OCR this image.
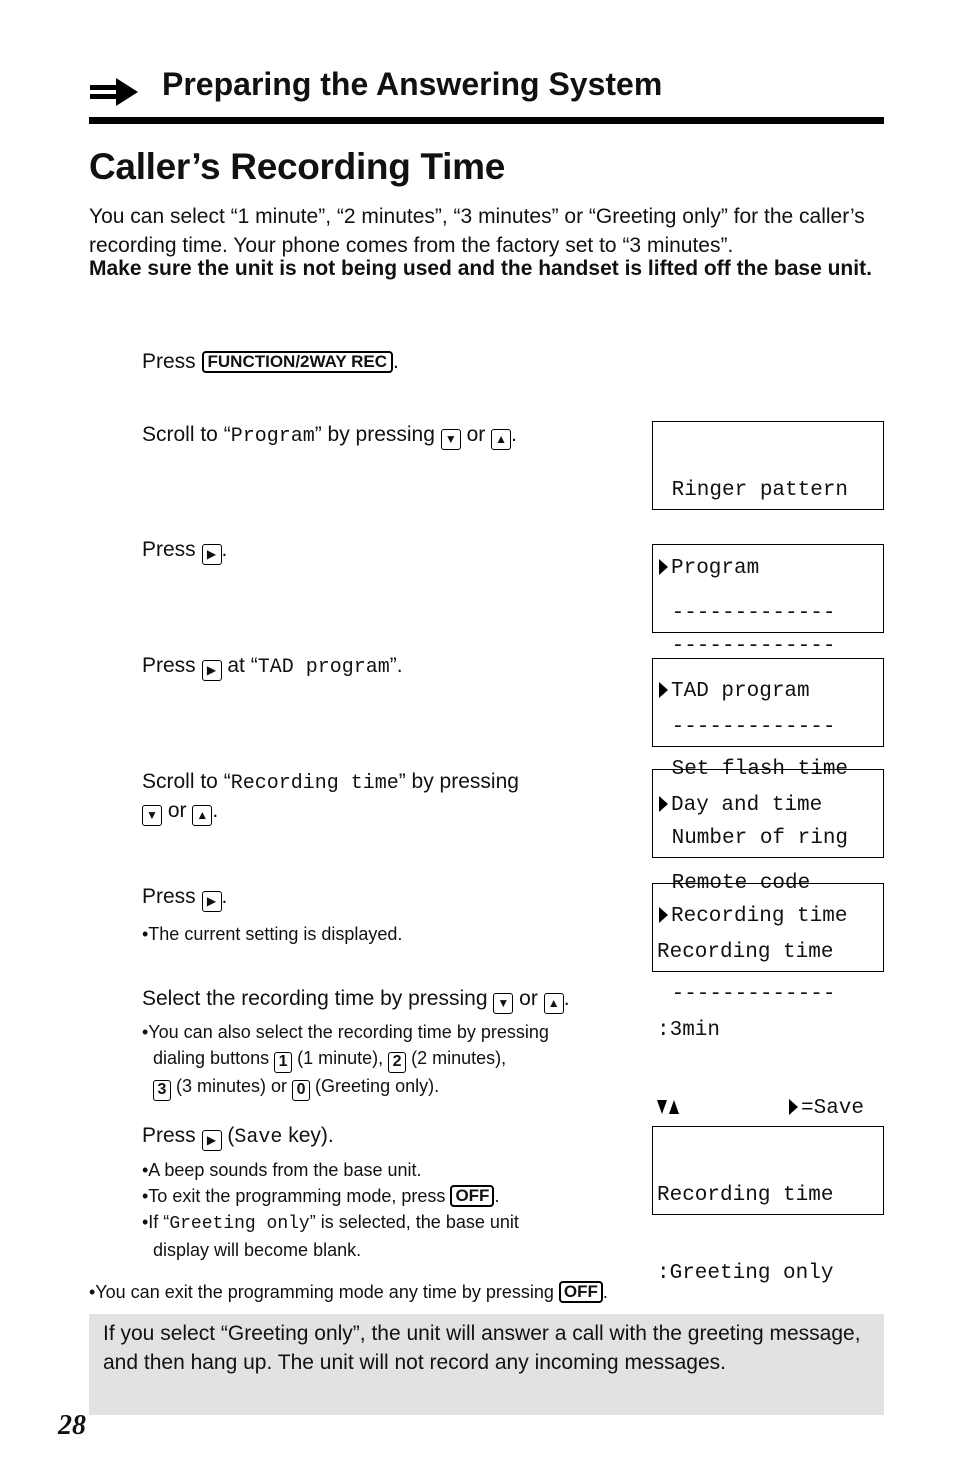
Preparing the Answering System
Caller’s Recording Time
You can select “1 minute”, “2 minutes”, “3 minutes” or “Greeting only” for the caller’s recording time. Your phone comes from the factory set to “3 minutes”.
Make sure the unit is not being used and the handset is lifted off the base unit.
Press FUNCTION/2WAY REC .
Scroll to “Program” by pressing ▼ or ▲ .
Press ▶ .
Press ▶ at “TAD program”.
Scroll to “Recording time” by pressing
▼ or ▲ .
Press ▶ .
•The current setting is displayed.
Select the recording time by pressing ▼ or ▲ .
•You can also select the recording time by pressing
dialing buttons 1 (1 minute), 2 (2 minutes),
3 (3 minutes) or 0 (Greeting only).
Press ▶ (Save key).
•A beep sounds from the base unit.
•To exit the programming mode, press OFF .
•If “Greeting only” is selected, the base unit
display will become blank.

Ringer pattern

Program

-------------

-------------

TAD program

Set flash time

-------------

Day and time

Remote code

Number of ring

Recording time

-------------

Recording time

:3min

=Save

Recording time

:Greeting only

•You can exit the programming mode any time by pressing OFF .
If you select “Greeting only”, the unit will answer a call with the greeting message, and then hang up. The unit will not record any incoming messages.
28
